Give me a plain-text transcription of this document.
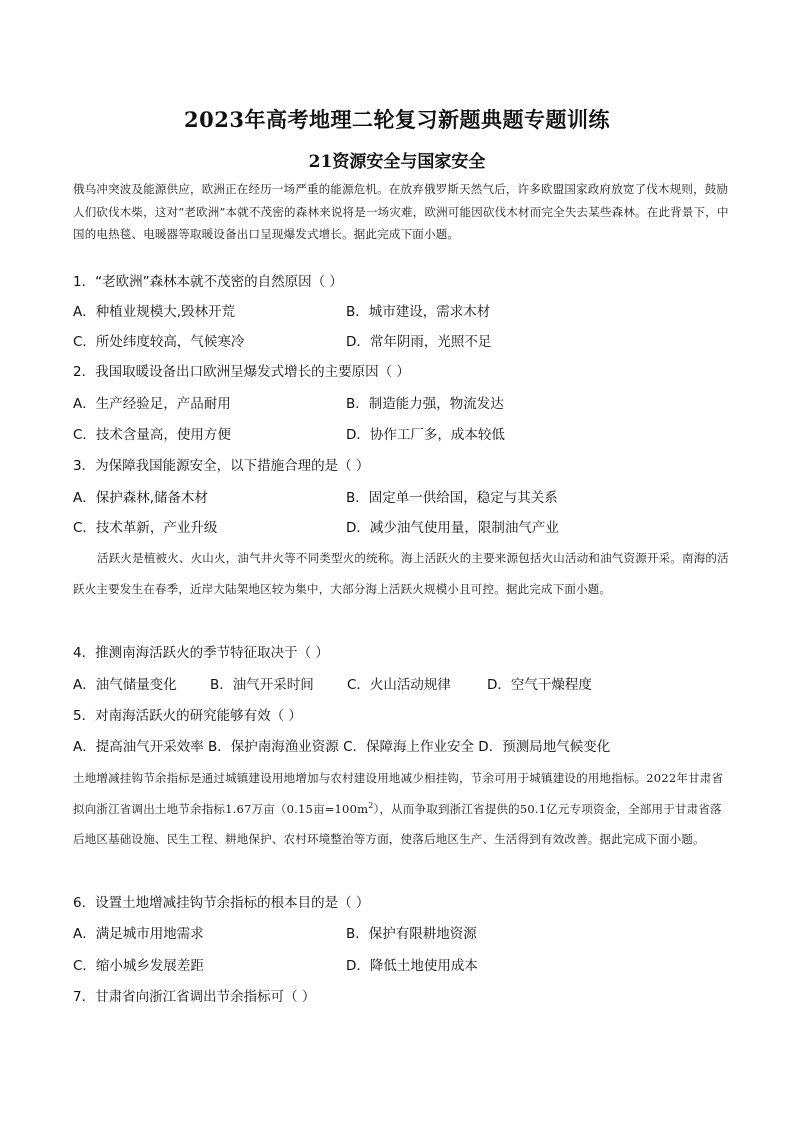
2023年高考地理二轮复习新题典题专题训练
21资源安全与国家安全
俄乌冲突波及能源供应，欧洲正在经历一场严重的能源危机。在放弃俄罗斯天然气后，许多欧盟国家政府放宽了伐木规则，鼓励人们砍伐木柴，这对“老欧洲”本就不茂密的森林来说将是一场灾难，欧洲可能因砍伐木材而完全失去某些森林。在此背景下，中国的电热毯、电暖器等取暖设备出口呈现爆发式增长。据此完成下面小题。
1．“老欧洲”森林本就不茂密的自然原因（ ）
A．种植业规模大,毁林开荒	B．城市建设，需求木材
C．所处纬度较高，气候寒冷	D．常年阴雨，光照不足
2．我国取暖设备出口欧洲呈爆发式增长的主要原因（ ）
A．生产经验足，产品耐用	B．制造能力强，物流发达
C．技术含量高，使用方便	D．协作工厂多，成本较低
3．为保障我国能源安全，以下措施合理的是（ ）
A．保护森林,储备木材	B．固定单一供给国，稳定与其关系
C．技术革新，产业升级	D．减少油气使用量，限制油气产业
活跃火是植被火、火山火，油气井火等不同类型火的统称。海上活跃火的主要来源包括火山活动和油气资源开采。南海的活跃火主要发生在春季，近岸大陆架地区较为集中，大部分海上活跃火规模小且可控。据此完成下面小题。
4．推测南海活跃火的季节特征取决于（ ）
A．油气储量变化 B．油气开采时间 C．火山活动规律	D．空气干燥程度
5．对南海活跃火的研究能够有效（ ）
A．提高油气开采效率 B．保护南海渔业资源 C．保障海上作业安全 D．预测局地气候变化
土地增减挂钩节余指标是通过城镇建设用地增加与农村建设用地减少相挂钩，节余可用于城镇建设的用地指标。2022年甘肃省拟向浙江省调出土地节余指标1.67万亩（0.15亩$=100m^2$），从而争取到浙江省提供的50.1亿元专项资金，全部用于甘肃省落后地区基础设施、民生工程、耕地保护、农村环境整治等方面，使落后地区生产、生活得到有效改善。据此完成下面小题。
6．设置土地增减挂钩节余指标的根本目的是（ ）
A．满足城市用地需求	B．保护有限耕地资源
C．缩小城乡发展差距	D．降低土地使用成本
7．甘肃省向浙江省调出节余指标可（ ）
